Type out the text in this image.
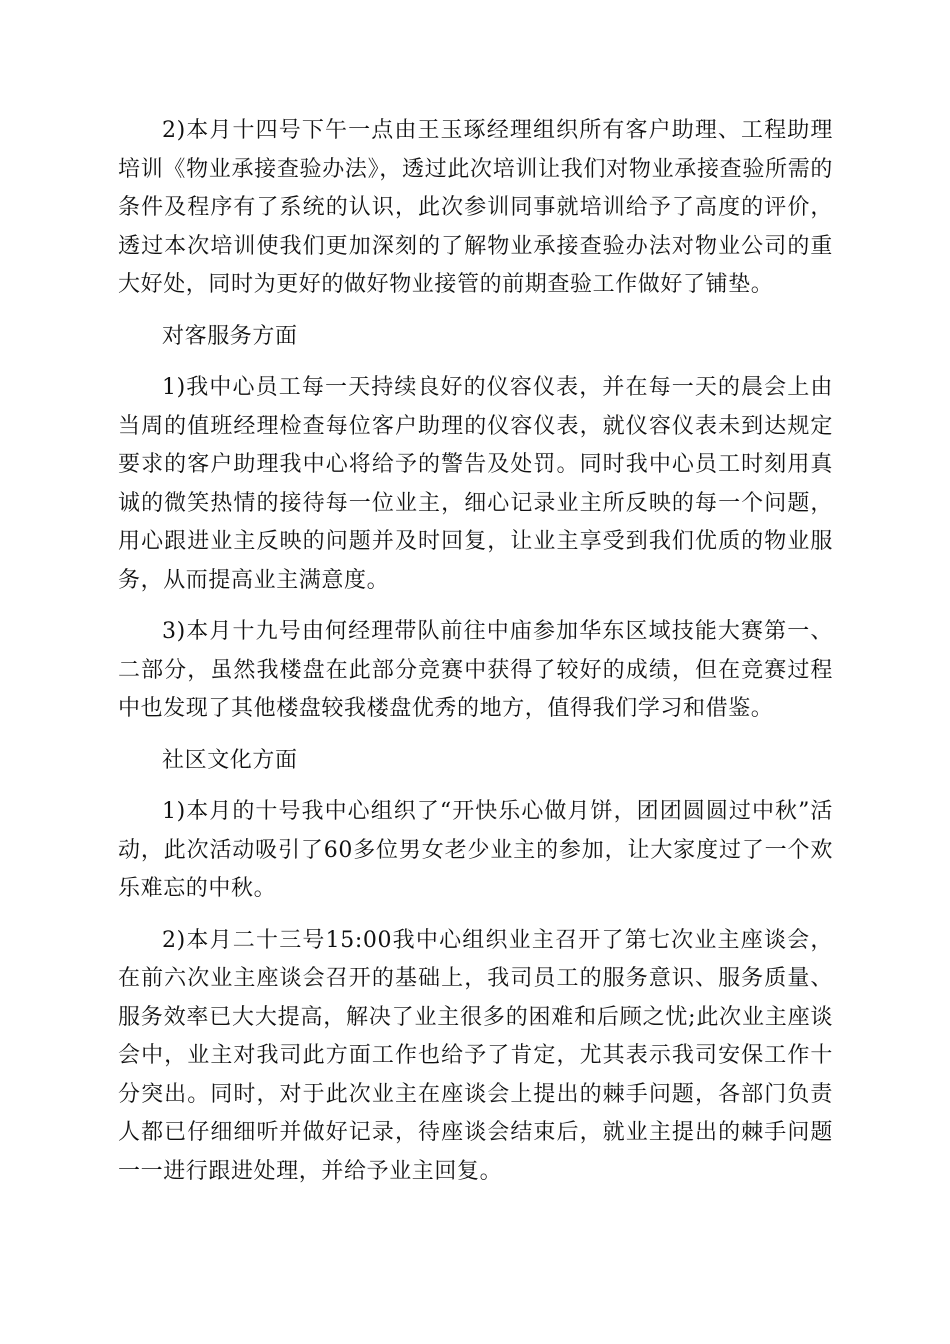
2)本月十四号下午一点由王玉琢经理组织所有客户助理、工程助理培训《物业承接查验办法》，透过此次培训让我们对物业承接查验所需的条件及程序有了系统的认识，此次参训同事就培训给予了高度的评价，透过本次培训使我们更加深刻的了解物业承接查验办法对物业公司的重大好处，同时为更好的做好物业接管的前期查验工作做好了铺垫。

对客服务方面

1)我中心员工每一天持续良好的仪容仪表，并在每一天的晨会上由当周的值班经理检查每位客户助理的仪容仪表，就仪容仪表未到达规定要求的客户助理我中心将给予的警告及处罚。同时我中心员工时刻用真诚的微笑热情的接待每一位业主，细心记录业主所反映的每一个问题，用心跟进业主反映的问题并及时回复，让业主享受到我们优质的物业服务，从而提高业主满意度。

3)本月十九号由何经理带队前往中庙参加华东区域技能大赛第一、二部分，虽然我楼盘在此部分竞赛中获得了较好的成绩，但在竞赛过程中也发现了其他楼盘较我楼盘优秀的地方，值得我们学习和借鉴。

社区文化方面

1)本月的十号我中心组织了“开快乐心做月饼，团团圆圆过中秋”活动，此次活动吸引了60多位男女老少业主的参加，让大家度过了一个欢乐难忘的中秋。

2)本月二十三号15:00我中心组织业主召开了第七次业主座谈会，在前六次业主座谈会召开的基础上，我司员工的服务意识、服务质量、服务效率已大大提高，解决了业主很多的困难和后顾之忧;此次业主座谈会中，业主对我司此方面工作也给予了肯定，尤其表示我司安保工作十分突出。同时，对于此次业主在座谈会上提出的棘手问题，各部门负责人都已仔细细听并做好记录，待座谈会结束后，就业主提出的棘手问题一一进行跟进处理，并给予业主回复。
